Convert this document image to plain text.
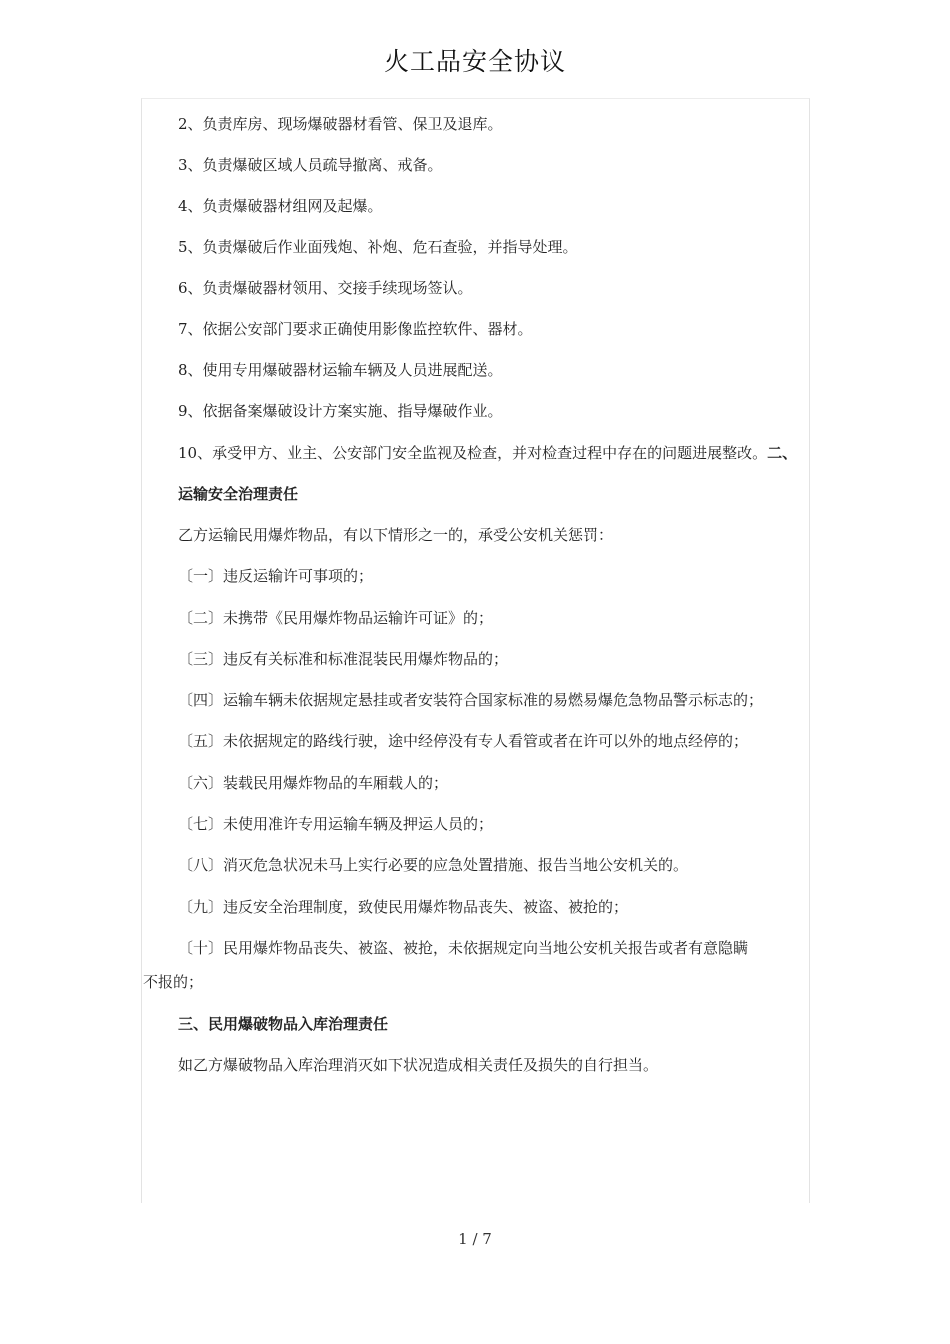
火工品安全协议
2、负责库房、现场爆破器材看管、保卫及退库。
3、负责爆破区域人员疏导撤离、戒备。
4、负责爆破器材组网及起爆。
5、负责爆破后作业面残炮、补炮、危石查验，并指导处理。
6、负责爆破器材领用、交接手续现场签认。
7、依据公安部门要求正确使用影像监控软件、器材。
8、使用专用爆破器材运输车辆及人员进展配送。
9、依据备案爆破设计方案实施、指导爆破作业。
10、承受甲方、业主、公安部门安全监视及检查，并对检查过程中存在的问题进展整改。二、
运输安全治理责任
乙方运输民用爆炸物品，有以下情形之一的，承受公安机关惩罚：
〔一〕违反运输许可事项的；
〔二〕未携带《民用爆炸物品运输许可证》的；
〔三〕违反有关标准和标准混装民用爆炸物品的；
〔四〕运输车辆未依据规定悬挂或者安装符合国家标准的易燃易爆危急物品警示标志的；
〔五〕未依据规定的路线行驶，途中经停没有专人看管或者在许可以外的地点经停的；
〔六〕装载民用爆炸物品的车厢载人的；
〔七〕未使用准许专用运输车辆及押运人员的；
〔八〕消灭危急状况未马上实行必要的应急处置措施、报告当地公安机关的。
〔九〕违反安全治理制度，致使民用爆炸物品丧失、被盗、被抢的；
〔十〕民用爆炸物品丧失、被盗、被抢，未依据规定向当地公安机关报告或者有意隐瞒
不报的；
三、民用爆破物品入库治理责任
如乙方爆破物品入库治理消灭如下状况造成相关责任及损失的自行担当。
1 / 7
